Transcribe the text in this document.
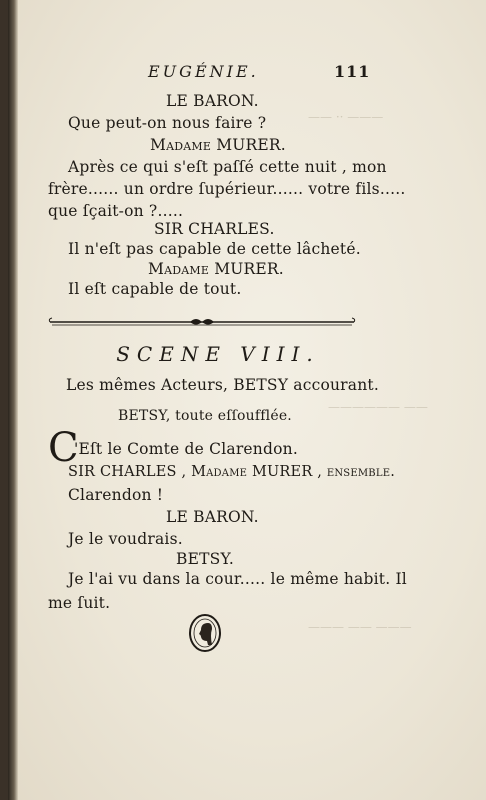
—— ·· ———
—————— ——
——— —— ———
EUGÉNIE.	111
LE BARON.
Que peut-on nous faire ?
Madame MURER.
Après ce qui s'eſt paſſé cette nuit , mon
frère...... un ordre ſupérieur...... votre fils.....
que ſçait-on ?.....
SIR CHARLES.
Il n'eſt pas capable de cette lâcheté.
Madame MURER.
Il eſt capable de tout.
SCENE VIII.
Les mêmes Acteurs, BETSY accourant.
BETSY, toute eſſoufflée.
C
'Eſt le Comte de Clarendon.
SIR CHARLES , Madame MURER , enſemble.
Clarendon !
LE BARON.
Je le voudrais.
BETSY.
Je l'ai vu dans la cour..... le même habit. Il
me ſuit.
